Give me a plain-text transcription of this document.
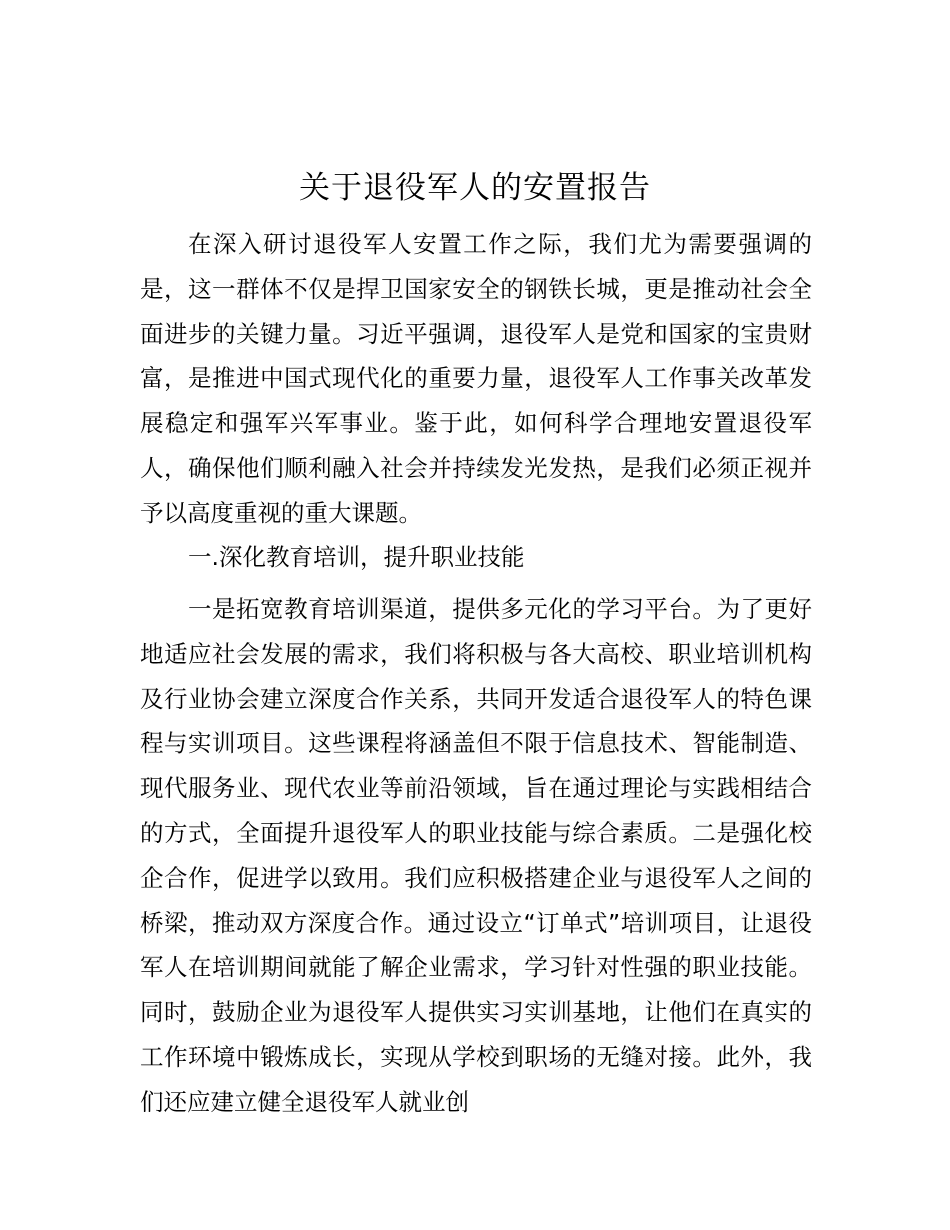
关于退役军人的安置报告

在深入研讨退役军人安置工作之际，我们尤为需要强调的是，这一群体不仅是捍卫国家安全的钢铁长城，更是推动社会全面进步的关键力量。习近平强调，退役军人是党和国家的宝贵财富，是推进中国式现代化的重要力量，退役军人工作事关改革发展稳定和强军兴军事业。鉴于此，如何科学合理地安置退役军人，确保他们顺利融入社会并持续发光发热，是我们必须正视并予以高度重视的重大课题。

一.深化教育培训，提升职业技能

一是拓宽教育培训渠道，提供多元化的学习平台。为了更好地适应社会发展的需求，我们将积极与各大高校、职业培训机构及行业协会建立深度合作关系，共同开发适合退役军人的特色课程与实训项目。这些课程将涵盖但不限于信息技术、智能制造、现代服务业、现代农业等前沿领域，旨在通过理论与实践相结合的方式，全面提升退役军人的职业技能与综合素质。二是强化校企合作，促进学以致用。我们应积极搭建企业与退役军人之间的桥梁，推动双方深度合作。通过设立“订单式”培训项目，让退役军人在培训期间就能了解企业需求，学习针对性强的职业技能。同时，鼓励企业为退役军人提供实习实训基地，让他们在真实的工作环境中锻炼成长，实现从学校到职场的无缝对接。此外，我们还应建立健全退役军人就业创
